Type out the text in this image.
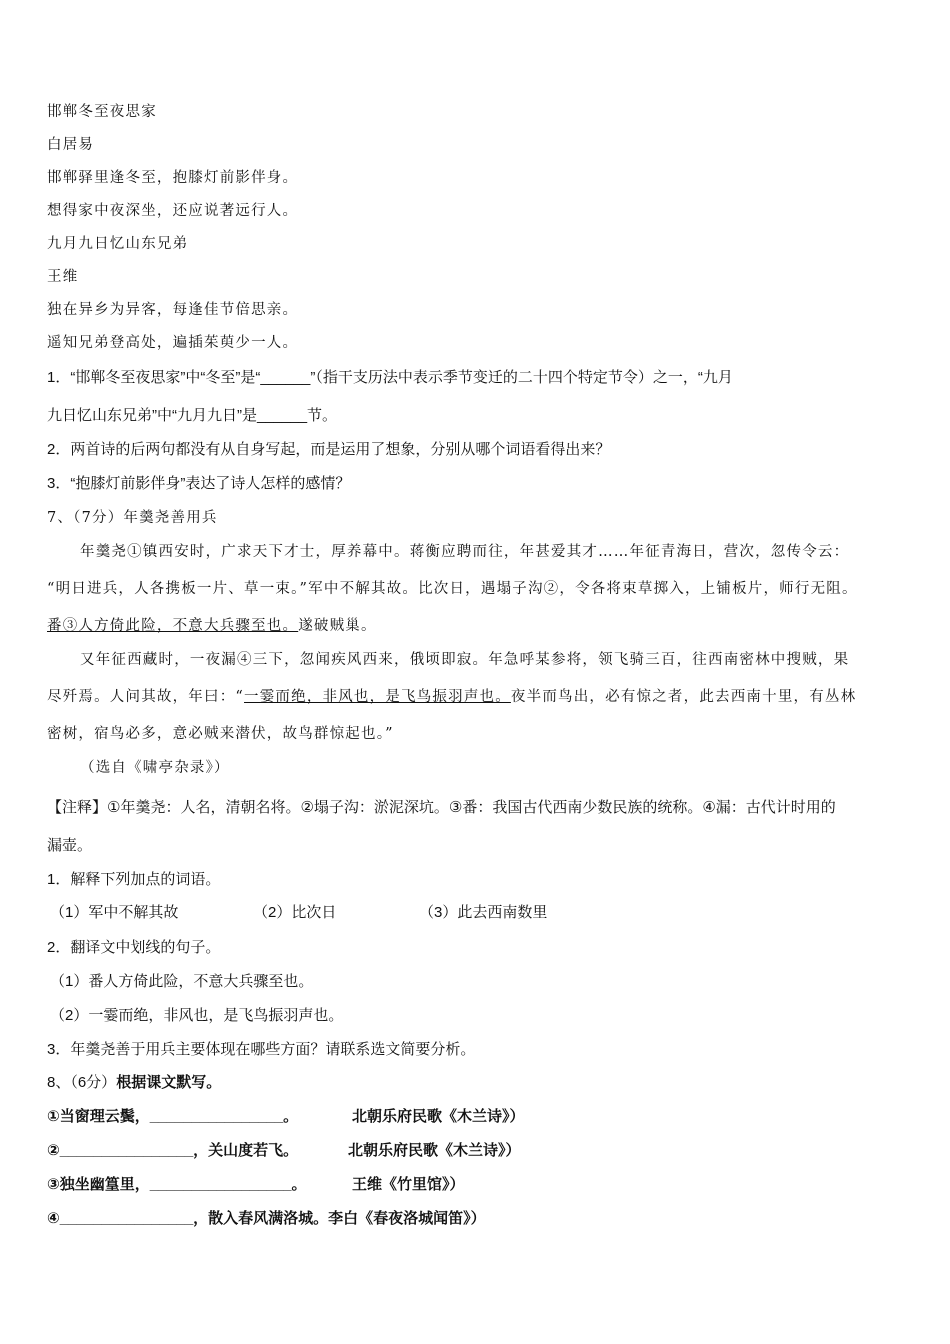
邯郸冬至夜思家
白居易
邯郸驿里逢冬至，抱膝灯前影伴身。
想得家中夜深坐，还应说著远行人。
九月九日忆山东兄弟
王维
独在异乡为异客，每逢佳节倍思亲。
遥知兄弟登高处，遍插茱萸少一人。
1．“邯郸冬至夜思家”中“冬至”是“______”（指干支历法中表示季节变迁的二十四个特定节令）之一，“九月
九日忆山东兄弟”中“九月九日”是______节。
2．两首诗的后两句都没有从自身写起，而是运用了想象，分别从哪个词语看得出来？
3．“抱膝灯前影伴身”表达了诗人怎样的感情？
7、（7分）年羹尧善用兵
年羹尧①镇西安时，广求天下才士，厚养幕中。蒋衡应聘而往，年甚爱其才……年征青海日，营次，忽传令云：
“明日进兵，人各携板一片、草一束。”军中不解其故。比次日，遇塌子沟②，令各将束草掷入，上铺板片，师行无阻。
番③人方倚此险，不意大兵骤至也。遂破贼巢。
又年征西藏时，一夜漏④三下，忽闻疾风西来，俄顷即寂。年急呼某参将，领飞骑三百，往西南密林中搜贼，果
尽歼焉。人问其故，年曰：“一霎而绝，非风也，是飞鸟振羽声也。夜半而鸟出，必有惊之者，此去西南十里，有丛林
密树，宿鸟必多，意必贼来潜伏，故鸟群惊起也。”
（选自《啸亭杂录》）
【注释】①年羹尧：人名，清朝名将。②塌子沟：淤泥深坑。③番：我国古代西南少数民族的统称。④漏：古代计时用的
漏壶。
1．解释下列加点的词语。
（1）军中不解其故	（2）比次日	（3）此去西南数里
2．翻译文中划线的句子。
（1）番人方倚此险，不意大兵骤至也。
（2）一霎而绝，非风也，是飞鸟振羽声也。
3．年羹尧善于用兵主要体现在哪些方面？请联系选文简要分析。
8、（6分）根据课文默写。
①当窗理云鬓，________________。	北朝乐府民歌《木兰诗》）
②________________，关山度若飞。	北朝乐府民歌《木兰诗》）
③独坐幽篁里，_________________。	王维《竹里馆》）
④________________，散入春风满洛城。李白《春夜洛城闻笛》）
